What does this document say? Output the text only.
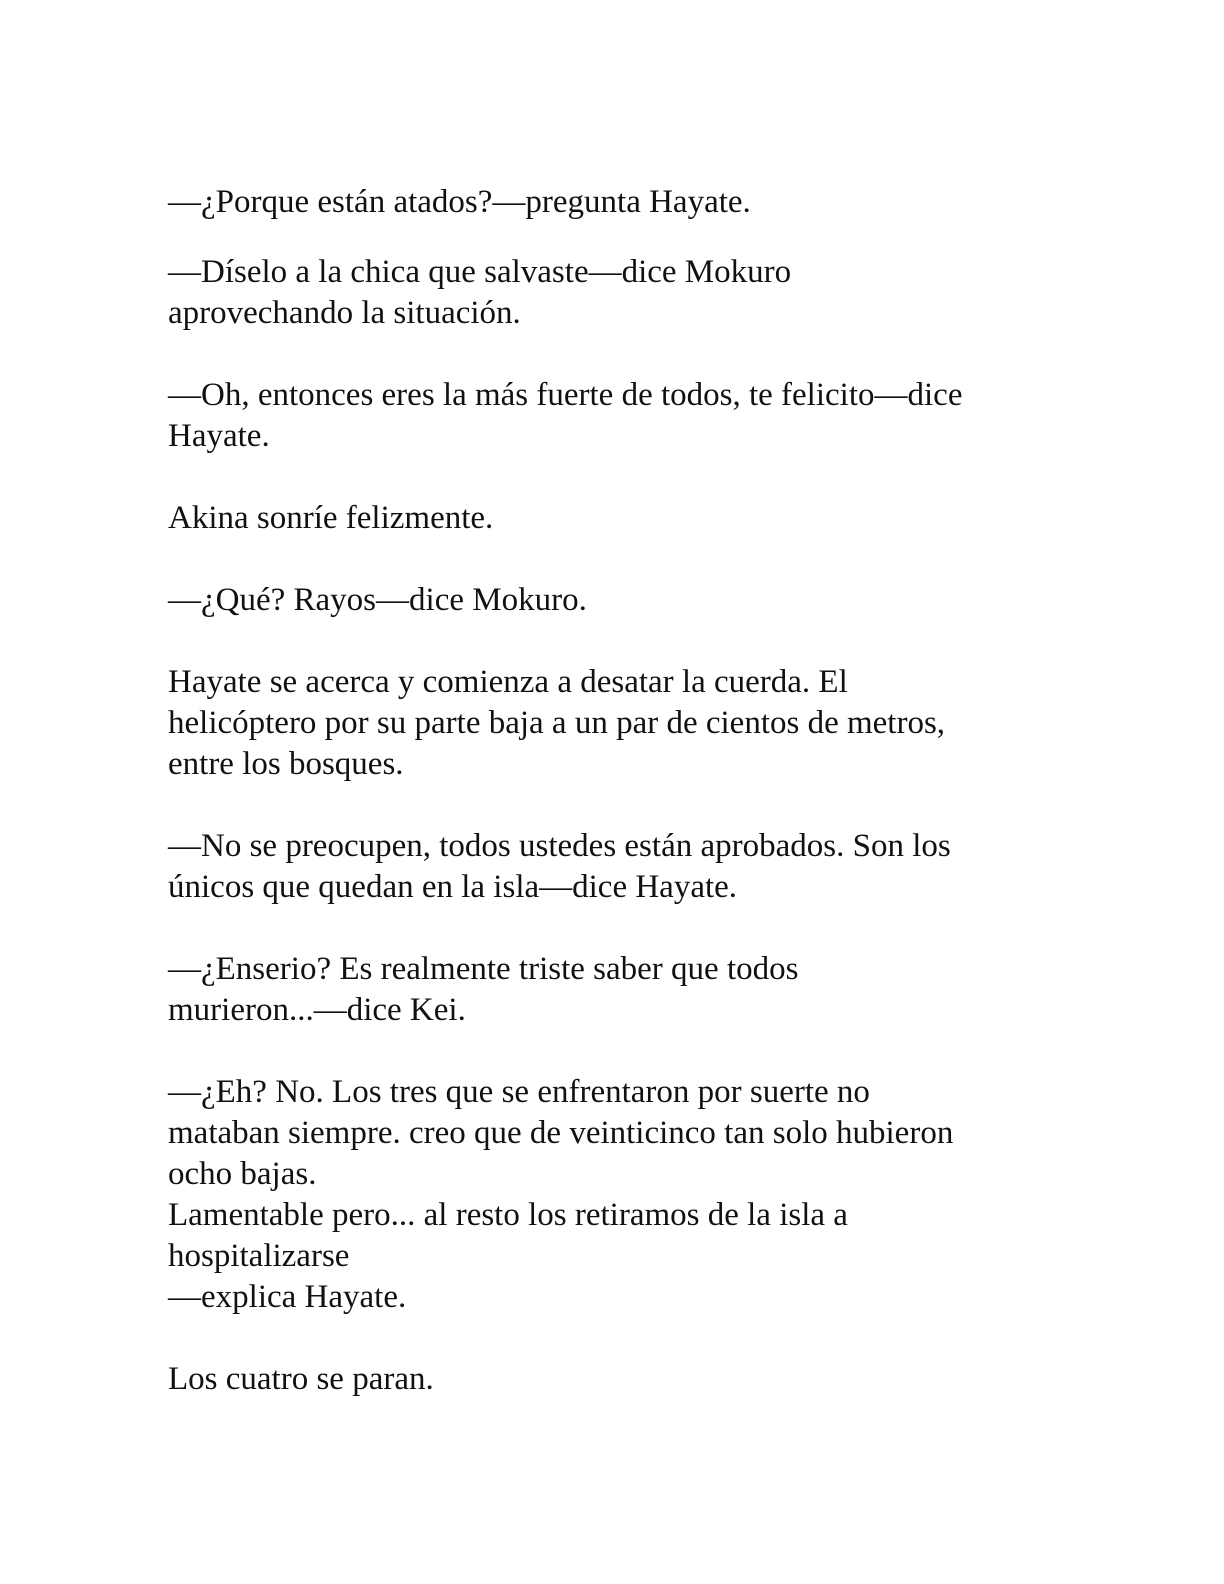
—¿Porque están atados?—pregunta Hayate.

—Díselo a la chica que salvaste—dice Mokuro
aprovechando la situación.

—Oh, entonces eres la más fuerte de todos, te felicito—dice
Hayate.

Akina sonríe felizmente.

—¿Qué? Rayos—dice Mokuro.

Hayate se acerca y comienza a desatar la cuerda. El
helicóptero por su parte baja a un par de cientos de metros,
entre los bosques.

—No se preocupen, todos ustedes están aprobados. Son los
únicos que quedan en la isla—dice Hayate.

—¿Enserio? Es realmente triste saber que todos
murieron...—dice Kei.

—¿Eh? No. Los tres que se enfrentaron por suerte no
mataban siempre. creo que de veinticinco tan solo hubieron
ocho bajas.
Lamentable pero... al resto los retiramos de la isla a
hospitalizarse
—explica Hayate.

Los cuatro se paran.
